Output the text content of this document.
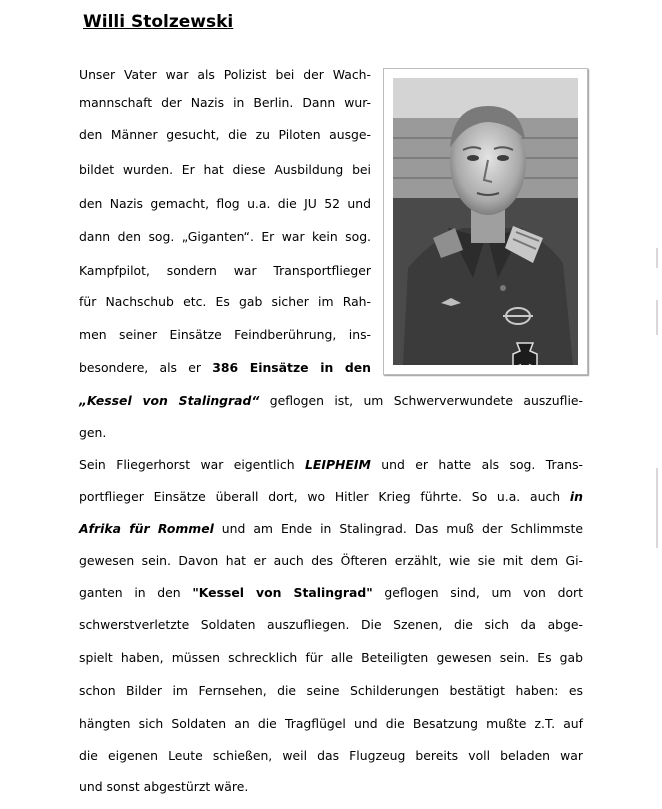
Willi Stolzewski
Unser Vater war als Polizist bei der Wach-
mannschaft der Nazis in Berlin. Dann wur-
den Männer gesucht, die zu Piloten ausge-
bildet wurden. Er hat diese Ausbildung bei
den Nazis gemacht, flog u.a. die JU 52 und
dann den sog. „Giganten“. Er war kein sog.
Kampfpilot, sondern war Transportflieger
für Nachschub etc. Es gab sicher im Rah-
men seiner Einsätze Feindberührung, ins-
besondere, als er 386 Einsätze in den
„Kessel von Stalingrad“ geflogen ist, um Schwerverwundete auszuflie-
gen.
Sein Fliegerhorst war eigentlich LEIPHEIM und er hatte als sog. Trans-
portflieger Einsätze überall dort, wo Hitler Krieg führte. So u.a. auch in
Afrika für Rommel und am Ende in Stalingrad. Das muß der Schlimmste
gewesen sein. Davon hat er auch des Öfteren erzählt, wie sie mit dem Gi-
ganten in den "Kessel von Stalingrad" geflogen sind, um von dort
schwerstverletzte Soldaten auszufliegen. Die Szenen, die sich da abge-
spielt haben, müssen schrecklich für alle Beteiligten gewesen sein. Es gab
schon Bilder im Fernsehen, die seine Schilderungen bestätigt haben: es
hängten sich Soldaten an die Tragflügel und die Besatzung mußte z.T. auf
die eigenen Leute schießen, weil das Flugzeug bereits voll beladen war
und sonst abgestürzt wäre.
